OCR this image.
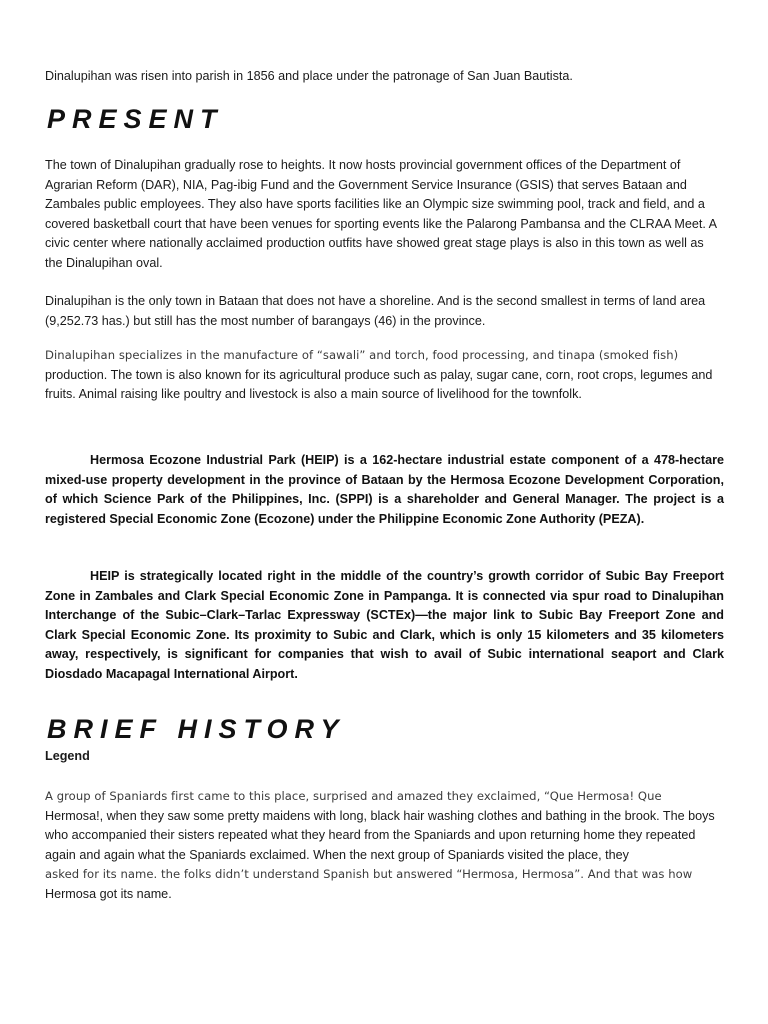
Dinalupihan was risen into parish in 1856 and place under the patronage of San Juan Bautista.

PRESENT

The town of Dinalupihan gradually rose to heights. It now hosts provincial government offices of the Department of Agrarian Reform (DAR), NIA, Pag-ibig Fund and the Government Service Insurance (GSIS) that serves Bataan and Zambales public employees. They also have sports facilities like an Olympic size swimming pool, track and field, and a covered basketball court that have been venues for sporting events like the Palarong Pambansa and the CLRAA Meet. A civic center where nationally acclaimed production outfits have showed great stage plays is also in this town as well as the Dinalupihan oval.

Dinalupihan is the only town in Bataan that does not have a shoreline. And is the second smallest in terms of land area (9,252.73 has.) but still has the most number of barangays (46) in the province.

Dinalupihan specializes in the manufacture of “sawali” and torch, food processing, and tinapa (smoked fish)
production. The town is also known for its agricultural produce such as palay, sugar cane, corn, root crops, legumes and fruits. Animal raising like poultry and livestock is also a main source of livelihood for the townfolk.

Hermosa Ecozone Industrial Park (HEIP) is a 162-hectare industrial estate component of a 478-hectare mixed-use property development in the province of Bataan by the Hermosa Ecozone Development Corporation, of which Science Park of the Philippines, Inc. (SPPI) is a shareholder and General Manager. The project is a registered Special Economic Zone (Ecozone) under the Philippine Economic Zone Authority (PEZA).

HEIP is strategically located right in the middle of the country’s growth corridor of Subic Bay Freeport Zone in Zambales and Clark Special Economic Zone in Pampanga. It is connected via spur road to Dinalupihan Interchange of the Subic–Clark–Tarlac Expressway (SCTEx)—the major link to Subic Bay Freeport Zone and Clark Special Economic Zone. Its proximity to Subic and Clark, which is only 15 kilometers and 35 kilometers away, respectively, is significant for companies that wish to avail of Subic international seaport and Clark Diosdado Macapagal International Airport.

BRIEF HISTORY

Legend

A group of Spaniards first came to this place, surprised and amazed they exclaimed, “Que Hermosa! Que
Hermosa!, when they saw some pretty maidens with long, black hair washing clothes and bathing in the brook. The boys who accompanied their sisters repeated what they heard from the Spaniards and upon returning home they repeated again and again what the Spaniards exclaimed. When the next group of Spaniards visited the place, they
asked for its name. the folks didn’t understand Spanish but answered “Hermosa, Hermosa”. And that was how
Hermosa got its name.
